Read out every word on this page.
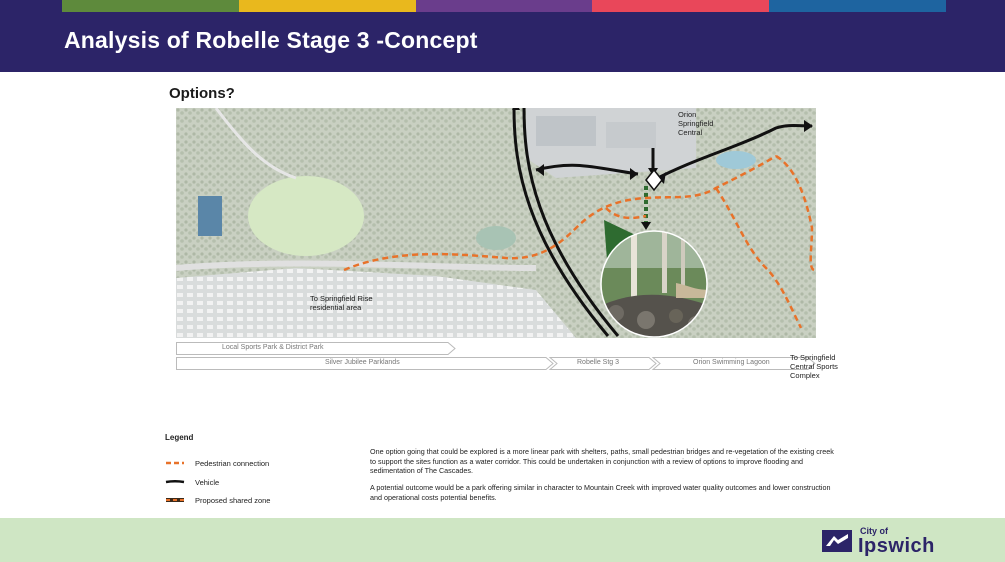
Analysis of Robelle Stage 3 -Concept
Options?
Orion
Springfield
Central
To Springfield Rise
residential area
Local Sports Park & District Park
Silver Jubilee Parklands	Robelle Stg 3	Orion Swimming Lagoon
To Springfield
Central Sports
Complex
Legend
Pedestrian connection
Vehicle
Proposed shared zone
One option going that could be explored is a more linear park with shelters, paths, small pedestrian bridges and re-vegetation of the existing creek to support the sites function as a water corridor. This could be undertaken in conjunction with a review of options to improve flooding and sedimentation of The Cascades.
A potential outcome would be a park offering similar in character to Mountain Creek with improved water quality outcomes and lower construction and operational costs potential benefits.
City of
Ipswich
